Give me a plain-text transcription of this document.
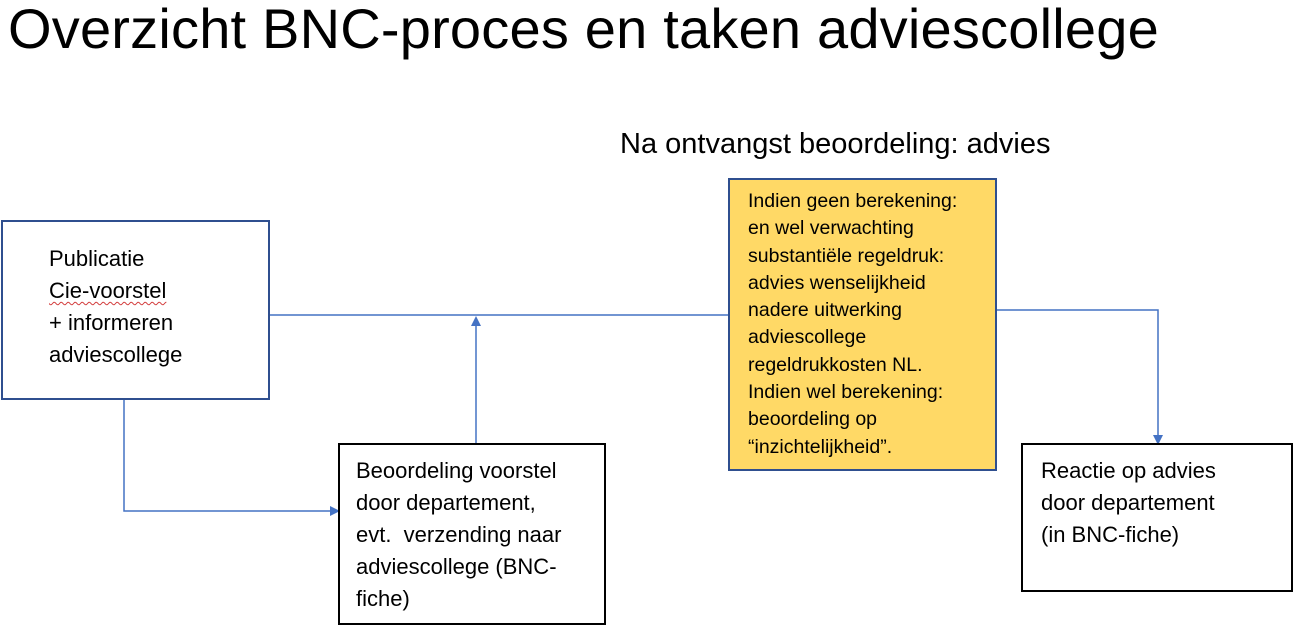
Overzicht BNC-proces en taken adviescollege
Na ontvangst beoordeling: advies
Publicatie
Cie-voorstel
+ informeren
adviescollege
Beoordeling voorstel
door departement,
evt.  verzending naar
adviescollege (BNC-
fiche)
Indien geen berekening:
en wel verwachting
substantiële regeldruk:
advies wenselijkheid
nadere uitwerking
adviescollege
regeldrukkosten NL.
Indien wel berekening:
beoordeling op
“inzichtelijkheid”.
Reactie op advies
door departement
(in BNC-fiche)
